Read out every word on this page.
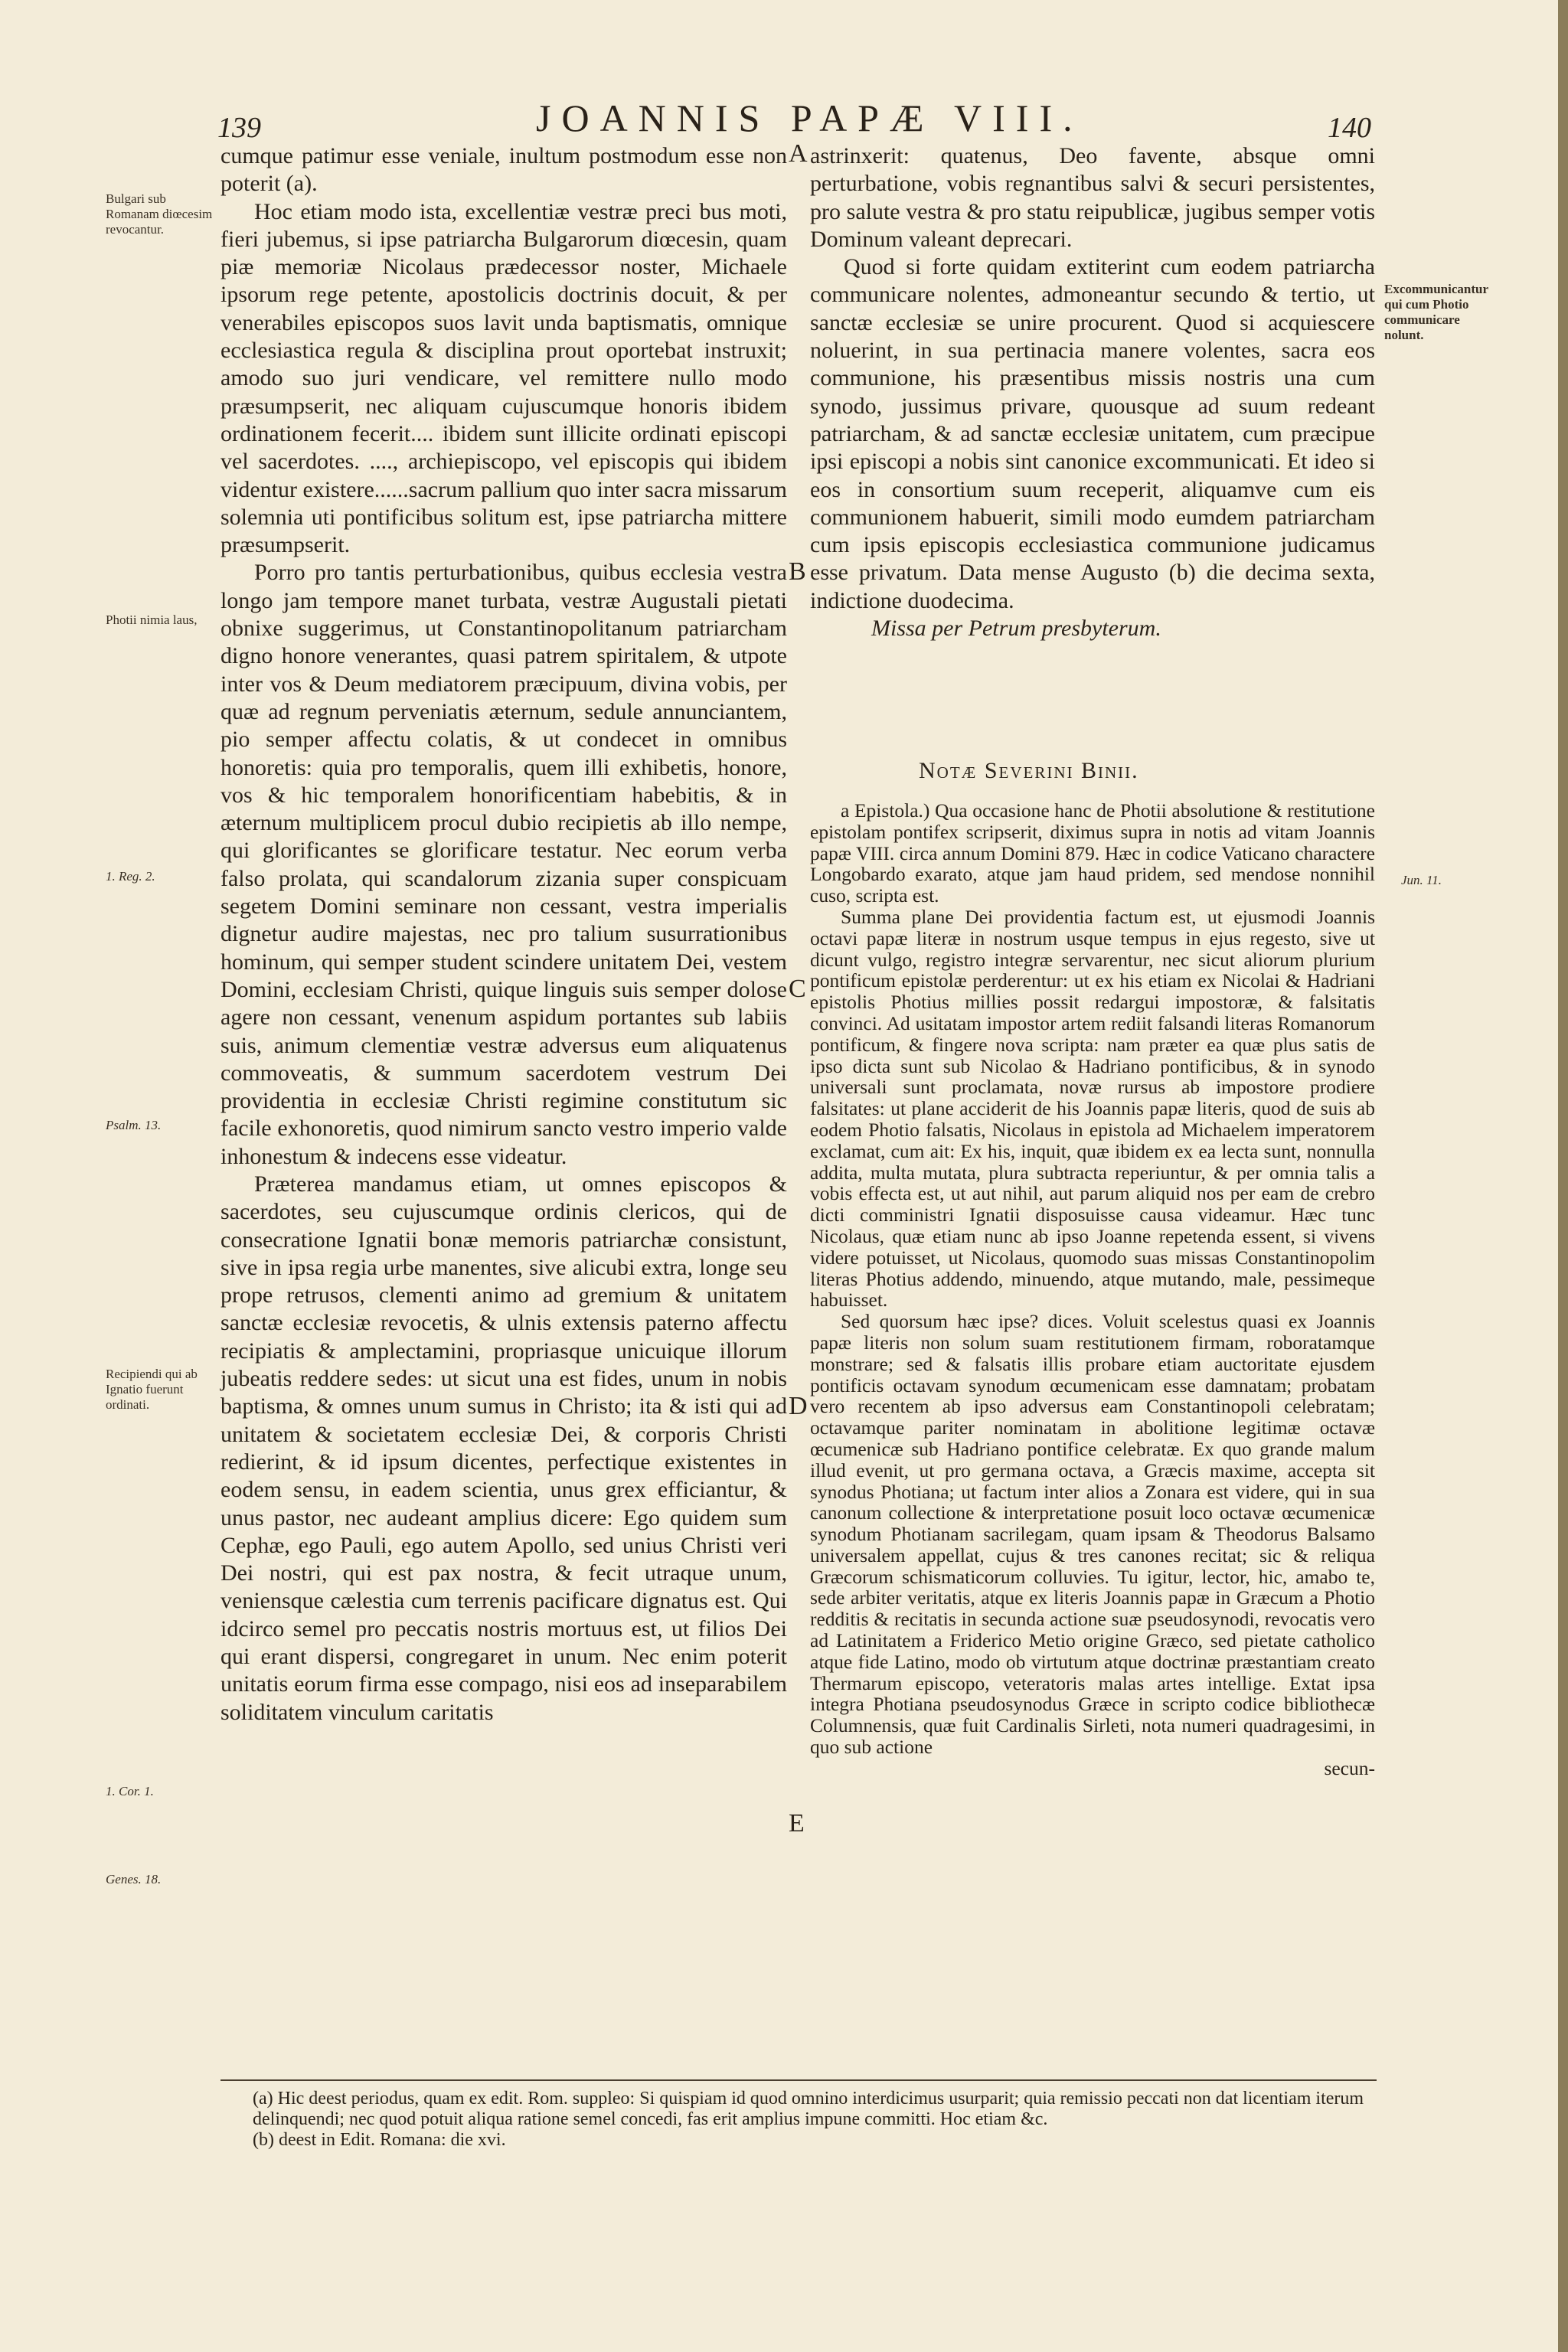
139	JOANNIS PAPÆ VIII.	140
Bulgari sub Romanam diœcesim revocantur.
Photii nimia laus,
1. Reg. 2.
Psalm. 13.
Recipiendi qui ab Ignatio fuerunt ordinati.
1. Cor. 1.
Genes. 18.
Excommunicantur qui cum Photio communicare nolunt.
Jun. 11.
A
B
C
D
E

cumque patimur esse veniale, inultum postmodum esse non poterit (a).

Hoc etiam modo ista, excellentiæ vestræ preci bus moti, fieri jubemus, si ipse patriarcha Bulgarorum diœcesin, quam piæ memoriæ Nicolaus prædecessor noster, Michaele ipsorum rege petente, apostolicis doctrinis docuit, & per venerabiles episcopos suos lavit unda baptismatis, omnique ecclesiastica regula & disciplina prout oportebat instruxit; amodo suo juri vendicare, vel remittere nullo modo præsumpserit, nec aliquam cujuscumque honoris ibidem ordinationem fecerit.... ibidem sunt illicite ordinati episcopi vel sacerdotes. ...., archiepiscopo, vel episcopis qui ibidem videntur existere......sacrum pallium quo inter sacra missarum solemnia uti pontificibus solitum est, ipse patriarcha mittere præsumpserit.

Porro pro tantis perturbationibus, quibus ecclesia vestra longo jam tempore manet turbata, vestræ Augustali pietati obnixe suggerimus, ut Constantinopolitanum patriarcham digno honore venerantes, quasi patrem spiritalem, & utpote inter vos & Deum mediatorem præcipuum, divina vobis, per quæ ad regnum perveniatis æternum, sedule annunciantem, pio semper affectu colatis, & ut condecet in omnibus honoretis: quia pro temporalis, quem illi exhibetis, honore, vos & hic temporalem honorificentiam habebitis, & in æternum multiplicem procul dubio recipietis ab illo nempe, qui glorificantes se glorificare testatur. Nec eorum verba falso prolata, qui scandalorum zizania super conspicuam segetem Domini seminare non cessant, vestra imperialis dignetur audire majestas, nec pro talium susurrationibus hominum, qui semper student scindere unitatem Dei, vestem Domini, ecclesiam Christi, quique linguis suis semper dolose agere non cessant, venenum aspidum portantes sub labiis suis, animum clementiæ vestræ adversus eum aliquatenus commoveatis, & summum sacerdotem vestrum Dei providentia in ecclesiæ Christi regimine constitutum sic facile exhonoretis, quod nimirum sancto vestro imperio valde inhonestum & indecens esse videatur.

Præterea mandamus etiam, ut omnes episcopos & sacerdotes, seu cujuscumque ordinis clericos, qui de consecratione Ignatii bonæ memoris patriarchæ consistunt, sive in ipsa regia urbe manentes, sive alicubi extra, longe seu prope retrusos, clementi animo ad gremium & unitatem sanctæ ecclesiæ revocetis, & ulnis extensis paterno affectu recipiatis & amplectamini, propriasque unicuique illorum jubeatis reddere sedes: ut sicut una est fides, unum in nobis baptisma, & omnes unum sumus in Christo; ita & isti qui ad unitatem & societatem ecclesiæ Dei, & corporis Christi redierint, & id ipsum dicentes, perfectique existentes in eodem sensu, in eadem scientia, unus grex efficiantur, & unus pastor, nec audeant amplius dicere: Ego quidem sum Cephæ, ego Pauli, ego autem Apollo, sed unius Christi veri Dei nostri, qui est pax nostra, & fecit utraque unum, veniensque cælestia cum terrenis pacificare dignatus est. Qui idcirco semel pro peccatis nostris mortuus est, ut filios Dei qui erant dispersi, congregaret in unum. Nec enim poterit unitatis eorum firma esse compago, nisi eos ad inseparabilem soliditatem vinculum caritatis

astrinxerit: quatenus, Deo favente, absque omni perturbatione, vobis regnantibus salvi & securi persistentes, pro salute vestra & pro statu reipublicæ, jugibus semper votis Dominum valeant deprecari.

Quod si forte quidam extiterint cum eodem patriarcha communicare nolentes, admoneantur secundo & tertio, ut sanctæ ecclesiæ se unire procurent. Quod si acquiescere noluerint, in sua pertinacia manere volentes, sacra eos communione, his præsentibus missis nostris una cum synodo, jussimus privare, quousque ad suum redeant patriarcham, & ad sanctæ ecclesiæ unitatem, cum præcipue ipsi episcopi a nobis sint canonice excommunicati. Et ideo si eos in consortium suum receperit, aliquamve cum eis communionem habuerit, simili modo eumdem patriarcham cum ipsis episcopis ecclesiastica communione judicamus esse privatum. Data mense Augusto (b) die decima sexta, indictione duodecima.

Missa per Petrum presbyterum.

Notæ Severini Binii.

a Epistola.) Qua occasione hanc de Photii absolutione & restitutione epistolam pontifex scripserit, diximus supra in notis ad vitam Joannis papæ VIII. circa annum Domini 879. Hæc in codice Vaticano charactere Longobardo exarato, atque jam haud pridem, sed mendose nonnihil cuso, scripta est.

Summa plane Dei providentia factum est, ut ejusmodi Joannis octavi papæ literæ in nostrum usque tempus in ejus regesto, sive ut dicunt vulgo, registro integræ servarentur, nec sicut aliorum plurium pontificum epistolæ perderentur: ut ex his etiam ex Nicolai & Hadriani epistolis Photius millies possit redargui impostoræ, & falsitatis convinci. Ad usitatam impostor artem rediit falsandi literas Romanorum pontificum, & fingere nova scripta: nam præter ea quæ plus satis de ipso dicta sunt sub Nicolao & Hadriano pontificibus, & in synodo universali sunt proclamata, novæ rursus ab impostore prodiere falsitates: ut plane acciderit de his Joannis papæ literis, quod de suis ab eodem Photio falsatis, Nicolaus in epistola ad Michaelem imperatorem exclamat, cum ait: Ex his, inquit, quæ ibidem ex ea lecta sunt, nonnulla addita, multa mutata, plura subtracta reperiuntur, & per omnia talis a vobis effecta est, ut aut nihil, aut parum aliquid nos per eam de crebro dicti comministri Ignatii disposuisse causa videamur. Hæc tunc Nicolaus, quæ etiam nunc ab ipso Joanne repetenda essent, si vivens videre potuisset, ut Nicolaus, quomodo suas missas Constantinopolim literas Photius addendo, minuendo, atque mutando, male, pessimeque habuisset.

Sed quorsum hæc ipse? dices. Voluit scelestus quasi ex Joannis papæ literis non solum suam restitutionem firmam, roboratamque monstrare; sed & falsatis illis probare etiam auctoritate ejusdem pontificis octavam synodum œcumenicam esse damnatam; probatam vero recentem ab ipso adversus eam Constantinopoli celebratam; octavamque pariter nominatam in abolitione legitimæ octavæ œcumenicæ sub Hadriano pontifice celebratæ. Ex quo grande malum illud evenit, ut pro germana octava, a Græcis maxime, accepta sit synodus Photiana; ut factum inter alios a Zonara est videre, qui in sua canonum collectione & interpretatione posuit loco octavæ œcumenicæ synodum Photianam sacrilegam, quam ipsam & Theodorus Balsamo universalem appellat, cujus & tres canones recitat; sic & reliqua Græcorum schismaticorum colluvies. Tu igitur, lector, hic, amabo te, sede arbiter veritatis, atque ex literis Joannis papæ in Græcum a Photio redditis & recitatis in secunda actione suæ pseudosynodi, revocatis vero ad Latinitatem a Friderico Metio origine Græco, sed pietate catholico atque fide Latino, modo ob virtutum atque doctrinæ præstantiam creato Thermarum episcopo, veteratoris malas artes intellige. Extat ipsa integra Photiana pseudosynodus Græce in scripto codice bibliothecæ Columnensis, quæ fuit Cardinalis Sirleti, nota numeri quadragesimi, in quo sub actione

secun-

(a) Hic deest periodus, quam ex edit. Rom. suppleo: Si quispiam id quod omnino interdicimus usurparit; quia remissio peccati non dat licentiam iterum delinquendi; nec quod potuit aliqua ratione semel concedi, fas erit amplius impune committi. Hoc etiam &c.

(b) deest in Edit. Romana: die xvi.
